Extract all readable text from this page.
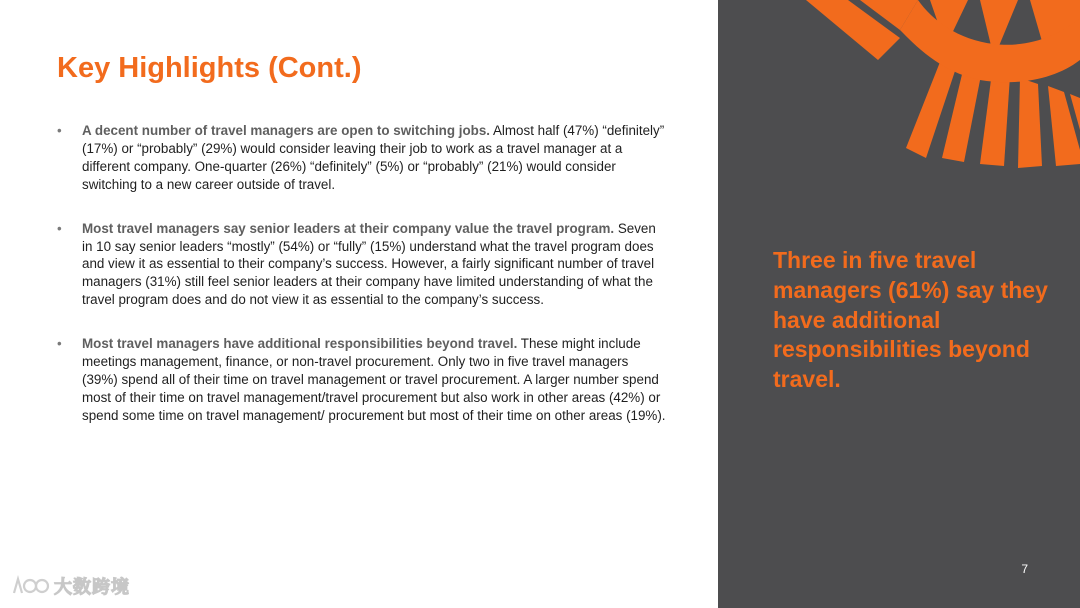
Key Highlights (Cont.)
• A decent number of travel managers are open to switching jobs. Almost half (47%) “definitely” (17%) or “probably” (29%) would consider leaving their job to work as a travel manager at a different company. One-quarter (26%) “definitely” (5%) or “probably” (21%) would consider switching to a new career outside of travel.
• Most travel managers say senior leaders at their company value the travel program. Seven in 10 say senior leaders “mostly” (54%) or “fully” (15%) understand what the travel program does and view it as essential to their company’s success. However, a fairly significant number of travel managers (31%) still feel senior leaders at their company have limited understanding of what the travel program does and do not view it as essential to the company’s success.
• Most travel managers have additional responsibilities beyond travel. These might include meetings management, finance, or non-travel procurement. Only two in five travel managers (39%) spend all of their time on travel management or travel procurement. A larger number spend most of their time on travel management/travel procurement but also work in other areas (42%) or spend some time on travel management/ procurement but most of their time on other areas (19%).

Three in five travel managers (61%) say they have additional responsibilities beyond travel.

7
大数跨境
